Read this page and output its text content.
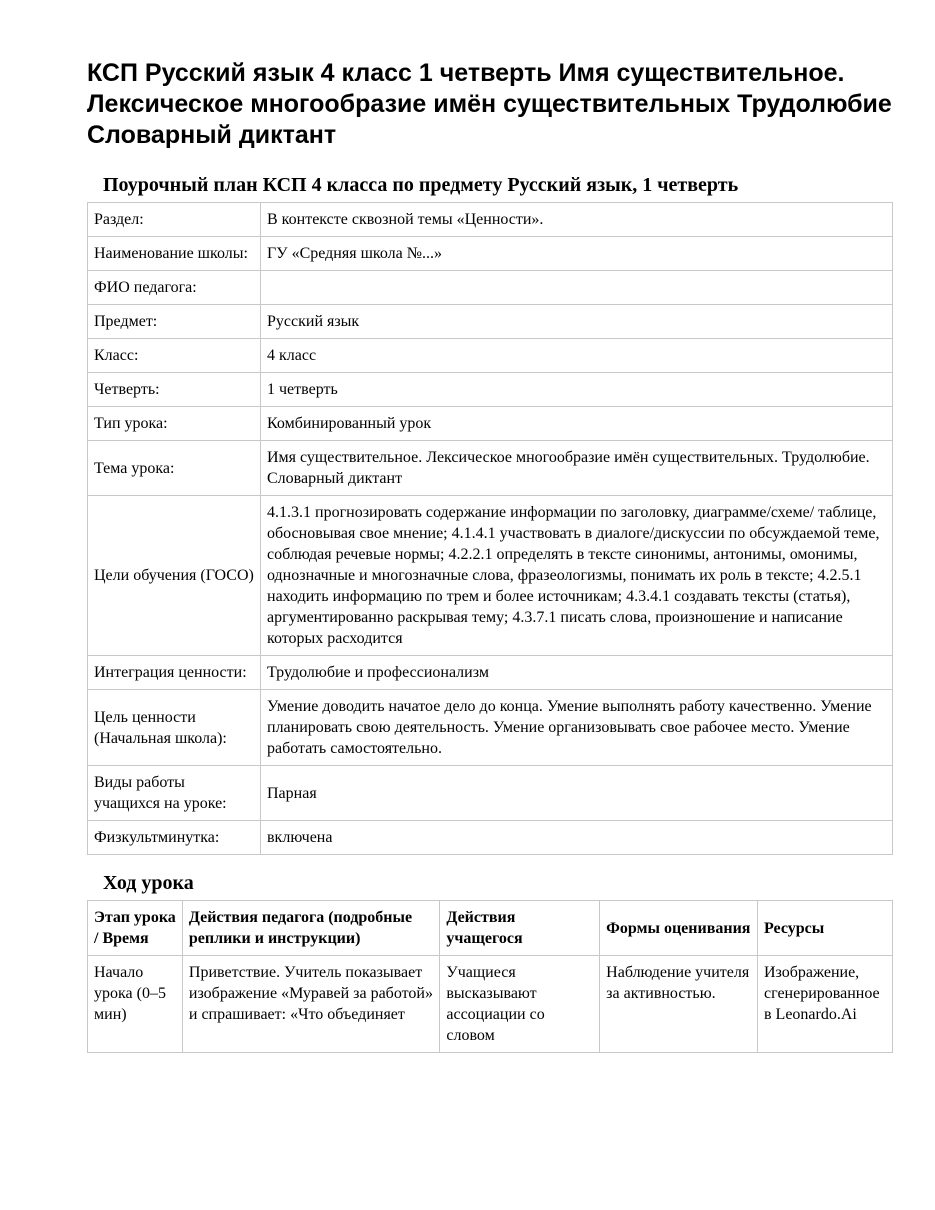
КСП Русский язык 4 класс 1 четверть Имя существительное. Лексическое многообразие имён существительных Трудолюбие Словарный диктант
Поурочный план КСП 4 класса по предмету Русский язык, 1 четверть
Раздел:	В контексте сквозной темы «Ценности».
Наименование школы:	ГУ «Средняя школа №...»
ФИО педагога:	
Предмет:	Русский язык
Класс:	4 класс
Четверть:	1 четверть
Тип урока:	Комбинированный урок
Тема урока:	Имя существительное. Лексическое многообразие имён существительных. Трудолюбие. Словарный диктант
Цели обучения (ГОСО)	4.1.3.1 прогнозировать содержание информации по заголовку, диаграмме/схеме/ таблице, обосновывая свое мнение; 4.1.4.1 участвовать в диалоге/дискуссии по обсуждаемой теме, соблюдая речевые нормы; 4.2.2.1 определять в тексте синонимы, антонимы, омонимы, однозначные и многозначные слова, фразеологизмы, понимать их роль в тексте; 4.2.5.1 находить информацию по трем и более источникам; 4.3.4.1 создавать тексты (статья), аргументированно раскрывая тему; 4.3.7.1 писать слова, произношение и написание которых расходится
Интеграция ценности:	Трудолюбие и профессионализм
Цель ценности (Начальная школа):	Умение доводить начатое дело до конца. Умение выполнять работу качественно. Умение планировать свою деятельность. Умение организовывать свое рабочее место. Умение работать самостоятельно.
Виды работы учащихся на уроке:	Парная
Физкультминутка:	включена
Ход урока
Этап урока / Время	Действия педагога (подробные реплики и инструкции)	Действия учащегося	Формы оценивания	Ресурсы

Начало урока (0–5 мин)	Приветствие. Учитель показывает изображение «Муравей за работой» и спрашивает: «Что объединяет	Учащиеся высказывают ассоциации со словом	Наблюдение учителя за активностью.	Изображение, сгенерированное в Leonardo.Ai
